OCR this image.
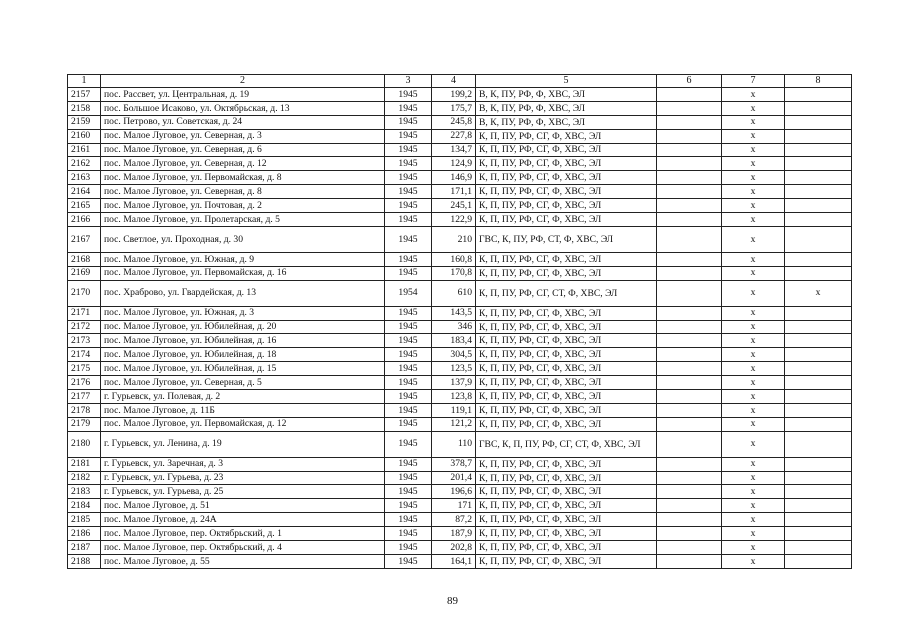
1	2	3	4	5	6	7	8
2157	пос. Рассвет, ул. Центральная, д. 19	1945	199,2	В, К, ПУ, РФ, Ф, ХВС, ЭЛ		x	
2158	пос. Большое Исаково, ул. Октябрьская, д. 13	1945	175,7	В, К, ПУ, РФ, Ф, ХВС, ЭЛ		x	
2159	пос. Петрово, ул. Советская, д. 24	1945	245,8	В, К, ПУ, РФ, Ф, ХВС, ЭЛ		x	
2160	пос. Малое Луговое, ул. Северная, д. 3	1945	227,8	К, П, ПУ, РФ, СГ, Ф, ХВС, ЭЛ		x	
2161	пос. Малое Луговое, ул. Северная, д. 6	1945	134,7	К, П, ПУ, РФ, СГ, Ф, ХВС, ЭЛ		x	
2162	пос. Малое Луговое, ул. Северная, д. 12	1945	124,9	К, П, ПУ, РФ, СГ, Ф, ХВС, ЭЛ		x	
2163	пос. Малое Луговое, ул. Первомайская, д. 8	1945	146,9	К, П, ПУ, РФ, СГ, Ф, ХВС, ЭЛ		x	
2164	пос. Малое Луговое, ул. Северная, д. 8	1945	171,1	К, П, ПУ, РФ, СГ, Ф, ХВС, ЭЛ		x	
2165	пос. Малое Луговое, ул. Почтовая, д. 2	1945	245,1	К, П, ПУ, РФ, СГ, Ф, ХВС, ЭЛ		x	
2166	пос. Малое Луговое, ул. Пролетарская, д. 5	1945	122,9	К, П, ПУ, РФ, СГ, Ф, ХВС, ЭЛ		x	
2167	пос. Светлое, ул. Проходная, д. 30	1945	210	ГВС, К, ПУ, РФ, СТ, Ф, ХВС, ЭЛ		x	
2168	пос. Малое Луговое, ул. Южная, д. 9	1945	160,8	К, П, ПУ, РФ, СГ, Ф, ХВС, ЭЛ		x	
2169	пос. Малое Луговое, ул. Первомайская, д. 16	1945	170,8	К, П, ПУ, РФ, СГ, Ф, ХВС, ЭЛ		x	
2170	пос. Храброво, ул. Гвардейская, д. 13	1954	610	К, П, ПУ, РФ, СГ, СТ, Ф, ХВС, ЭЛ		x	x
2171	пос. Малое Луговое, ул. Южная, д. 3	1945	143,5	К, П, ПУ, РФ, СГ, Ф, ХВС, ЭЛ		x	
2172	пос. Малое Луговое, ул. Юбилейная, д. 20	1945	346	К, П, ПУ, РФ, СГ, Ф, ХВС, ЭЛ		x	
2173	пос. Малое Луговое, ул. Юбилейная, д. 16	1945	183,4	К, П, ПУ, РФ, СГ, Ф, ХВС, ЭЛ		x	
2174	пос. Малое Луговое, ул. Юбилейная, д. 18	1945	304,5	К, П, ПУ, РФ, СГ, Ф, ХВС, ЭЛ		x	
2175	пос. Малое Луговое, ул. Юбилейная, д. 15	1945	123,5	К, П, ПУ, РФ, СГ, Ф, ХВС, ЭЛ		x	
2176	пос. Малое Луговое, ул. Северная, д. 5	1945	137,9	К, П, ПУ, РФ, СГ, Ф, ХВС, ЭЛ		x	
2177	г. Гурьевск, ул. Полевая, д. 2	1945	123,8	К, П, ПУ, РФ, СГ, Ф, ХВС, ЭЛ		x	
2178	пос. Малое Луговое, д. 11Б	1945	119,1	К, П, ПУ, РФ, СГ, Ф, ХВС, ЭЛ		x	
2179	пос. Малое Луговое, ул. Первомайская, д. 12	1945	121,2	К, П, ПУ, РФ, СГ, Ф, ХВС, ЭЛ		x	
2180	г. Гурьевск, ул. Ленина, д. 19	1945	110	ГВС, К, П, ПУ, РФ, СГ, СТ, Ф, ХВС, ЭЛ		x	
2181	г. Гурьевск, ул. Заречная, д. 3	1945	378,7	К, П, ПУ, РФ, СГ, Ф, ХВС, ЭЛ		x	
2182	г. Гурьевск, ул. Гурьева, д. 23	1945	201,4	К, П, ПУ, РФ, СГ, Ф, ХВС, ЭЛ		x	
2183	г. Гурьевск, ул. Гурьева, д. 25	1945	196,6	К, П, ПУ, РФ, СГ, Ф, ХВС, ЭЛ		x	
2184	пос. Малое Луговое, д. 51	1945	171	К, П, ПУ, РФ, СГ, Ф, ХВС, ЭЛ		x	
2185	пос. Малое Луговое, д. 24А	1945	87,2	К, П, ПУ, РФ, СГ, Ф, ХВС, ЭЛ		x	
2186	пос. Малое Луговое, пер. Октябрьский, д. 1	1945	187,9	К, П, ПУ, РФ, СГ, Ф, ХВС, ЭЛ		x	
2187	пос. Малое Луговое, пер. Октябрьский, д. 4	1945	202,8	К, П, ПУ, РФ, СГ, Ф, ХВС, ЭЛ		x	
2188	пос. Малое Луговое, д. 55	1945	164,1	К, П, ПУ, РФ, СГ, Ф, ХВС, ЭЛ		x	
89
